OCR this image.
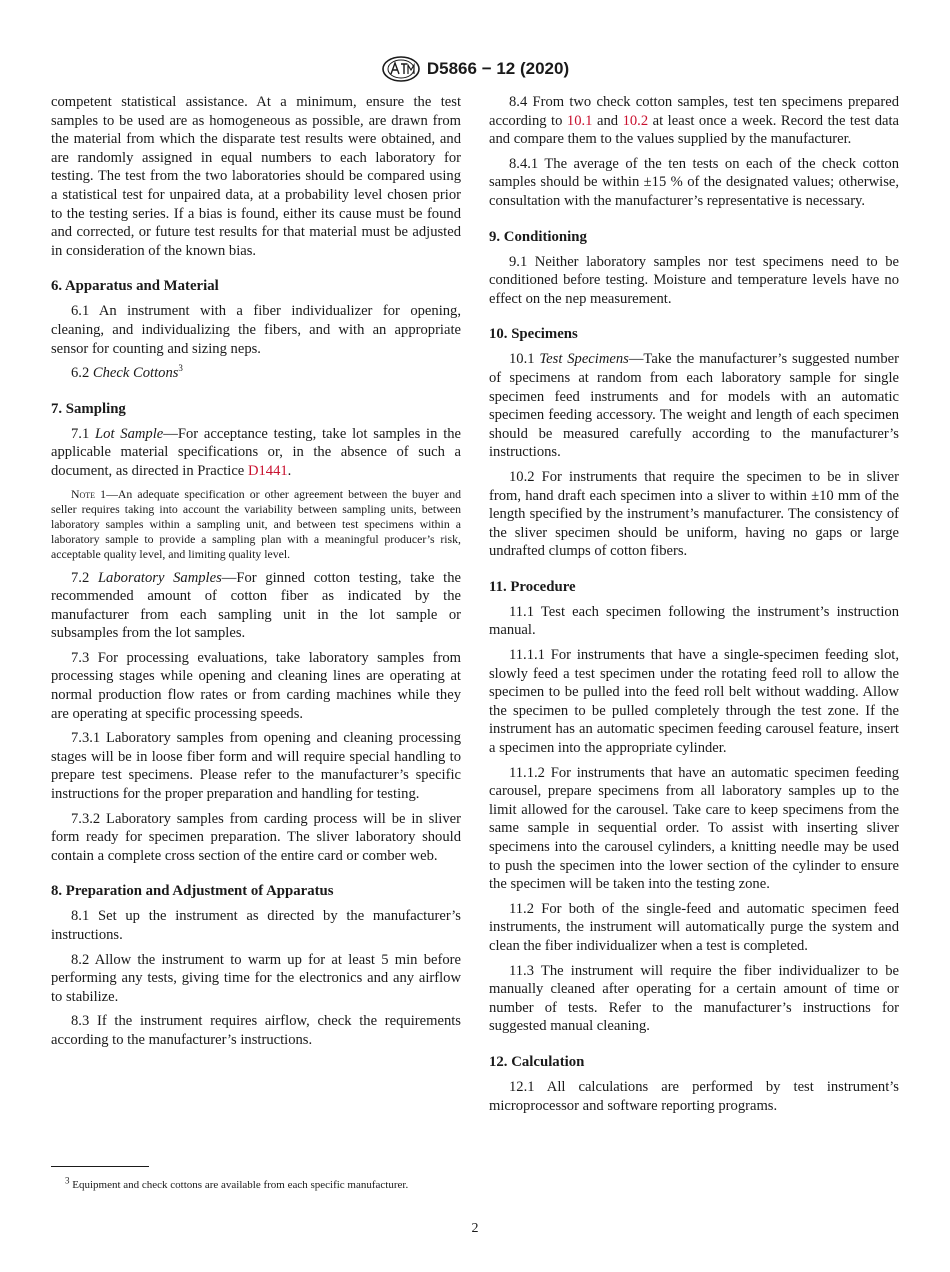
D5866 − 12 (2020)

competent statistical assistance. At a minimum, ensure the test samples to be used are as homogeneous as possible, are drawn from the material from which the disparate test results were obtained, and are randomly assigned in equal numbers to each laboratory for testing. The test from the two laboratories should be compared using a statistical test for unpaired data, at a probability level chosen prior to the testing series. If a bias is found, either its cause must be found and corrected, or future test results for that material must be adjusted in consideration of the known bias.

6. Apparatus and Material

6.1 An instrument with a fiber individualizer for opening, cleaning, and individualizing the fibers, and with an appropriate sensor for counting and sizing neps.

6.2 Check Cottons$^3$

7. Sampling

7.1 Lot Sample—For acceptance testing, take lot samples in the applicable material specifications or, in the absence of such a document, as directed in Practice D1441.

Note 1—An adequate specification or other agreement between the buyer and seller requires taking into account the variability between sampling units, between laboratory samples within a sampling unit, and between test specimens within a laboratory sample to provide a sampling plan with a meaningful producer’s risk, acceptable quality level, and limiting quality level.

7.2 Laboratory Samples—For ginned cotton testing, take the recommended amount of cotton fiber as indicated by the manufacturer from each sampling unit in the lot sample or subsamples from the lot samples.

7.3 For processing evaluations, take laboratory samples from processing stages while opening and cleaning lines are operating at normal production flow rates or from carding machines while they are operating at specific processing speeds.

7.3.1 Laboratory samples from opening and cleaning processing stages will be in loose fiber form and will require special handling to prepare test specimens. Please refer to the manufacturer’s specific instructions for the proper preparation and handling for testing.

7.3.2 Laboratory samples from carding process will be in sliver form ready for specimen preparation. The sliver laboratory should contain a complete cross section of the entire card or comber web.

8. Preparation and Adjustment of Apparatus

8.1 Set up the instrument as directed by the manufacturer’s instructions.

8.2 Allow the instrument to warm up for at least 5 min before performing any tests, giving time for the electronics and any airflow to stabilize.

8.3 If the instrument requires airflow, check the requirements according to the manufacturer’s instructions.

8.4 From two check cotton samples, test ten specimens prepared according to 10.1 and 10.2 at least once a week. Record the test data and compare them to the values supplied by the manufacturer.

8.4.1 The average of the ten tests on each of the check cotton samples should be within ±15 % of the designated values; otherwise, consultation with the manufacturer’s representative is necessary.

9. Conditioning

9.1 Neither laboratory samples nor test specimens need to be conditioned before testing. Moisture and temperature levels have no effect on the nep measurement.

10. Specimens

10.1 Test Specimens—Take the manufacturer’s suggested number of specimens at random from each laboratory sample for single specimen feed instruments and for models with an automatic specimen feeding accessory. The weight and length of each specimen should be measured carefully according to the manufacturer’s instructions.

10.2 For instruments that require the specimen to be in sliver from, hand draft each specimen into a sliver to within ±10 mm of the length specified by the instrument’s manufacturer. The consistency of the sliver specimen should be uniform, having no gaps or large undrafted clumps of cotton fibers.

11. Procedure

11.1 Test each specimen following the instrument’s instruction manual.

11.1.1 For instruments that have a single-specimen feeding slot, slowly feed a test specimen under the rotating feed roll to allow the specimen to be pulled into the feed roll belt without wadding. Allow the specimen to be pulled completely through the test zone. If the instrument has an automatic specimen feeding carousel feature, insert a specimen into the appropriate cylinder.

11.1.2 For instruments that have an automatic specimen feeding carousel, prepare specimens from all laboratory samples up to the limit allowed for the carousel. Take care to keep specimens from the same sample in sequential order. To assist with inserting sliver specimens into the carousel cylinders, a knitting needle may be used to push the specimen into the lower section of the cylinder to ensure the specimen will be taken into the testing zone.

11.2 For both of the single-feed and automatic specimen feed instruments, the instrument will automatically purge the system and clean the fiber individualizer when a test is completed.

11.3 The instrument will require the fiber individualizer to be manually cleaned after operating for a certain amount of time or number of tests. Refer to the manufacturer’s instructions for suggested manual cleaning.

12. Calculation

12.1 All calculations are performed by test instrument’s microprocessor and software reporting programs.

$^3$ Equipment and check cottons are available from each specific manufacturer.
2
